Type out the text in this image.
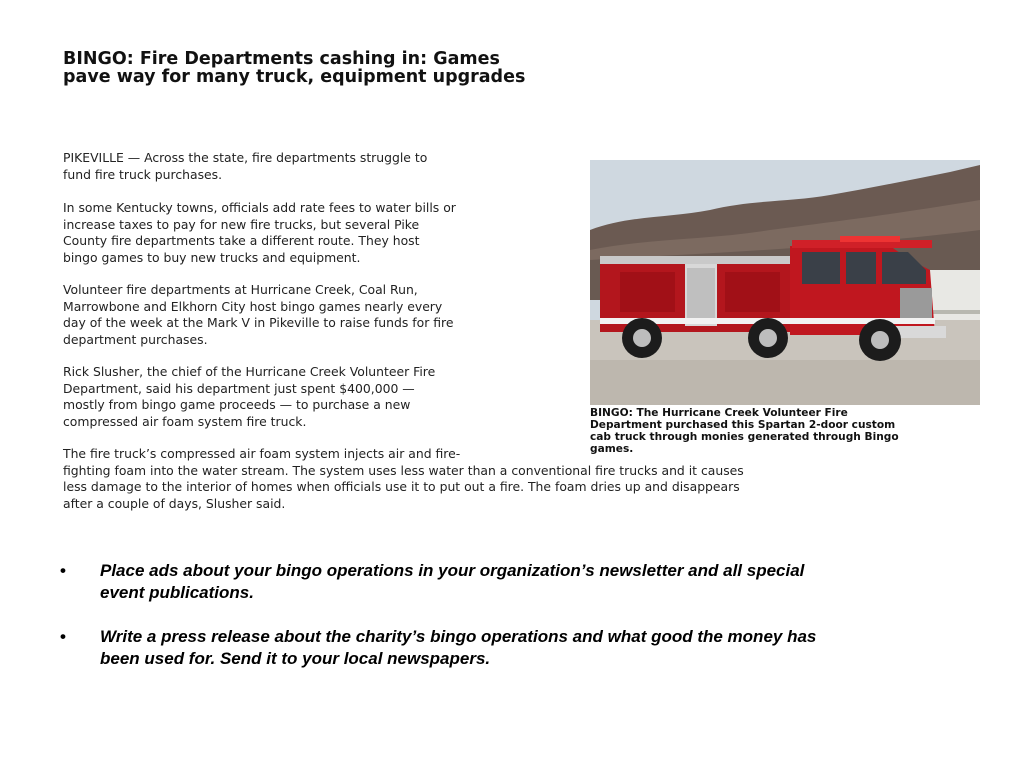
BINGO: Fire Departments cashing in: Games
pave way for many truck, equipment upgrades
PIKEVILLE — Across the state, fire departments struggle to
fund fire truck purchases.
In some Kentucky towns, officials add rate fees to water bills or
increase taxes to pay for new fire trucks, but several Pike
County fire departments take a different route. They host
bingo games to buy new trucks and equipment.
Volunteer fire departments at Hurricane Creek, Coal Run,
Marrowbone and Elkhorn City host bingo games nearly every
day of the week at the Mark V in Pikeville to raise funds for fire
department purchases.
Rick Slusher, the chief of the Hurricane Creek Volunteer Fire
Department, said his department just spent $400,000 —
mostly from bingo game proceeds — to purchase a new
compressed air foam system fire truck.
The fire truck’s compressed air foam system injects air and fire-
fighting foam into the water stream. The system uses less water than a conventional fire trucks and it causes
less damage to the interior of homes when officials use it to put out a fire. The foam dries up and disappears
after a couple of days, Slusher said.
BINGO: The Hurricane Creek Volunteer Fire
Department purchased this Spartan 2-door custom
cab truck through monies generated through Bingo
games.
• Place ads about your bingo operations in your organization’s newsletter and all special
event publications.
• Write a press release about the charity’s bingo operations and what good the money has
been used for. Send it to your local newspapers.
